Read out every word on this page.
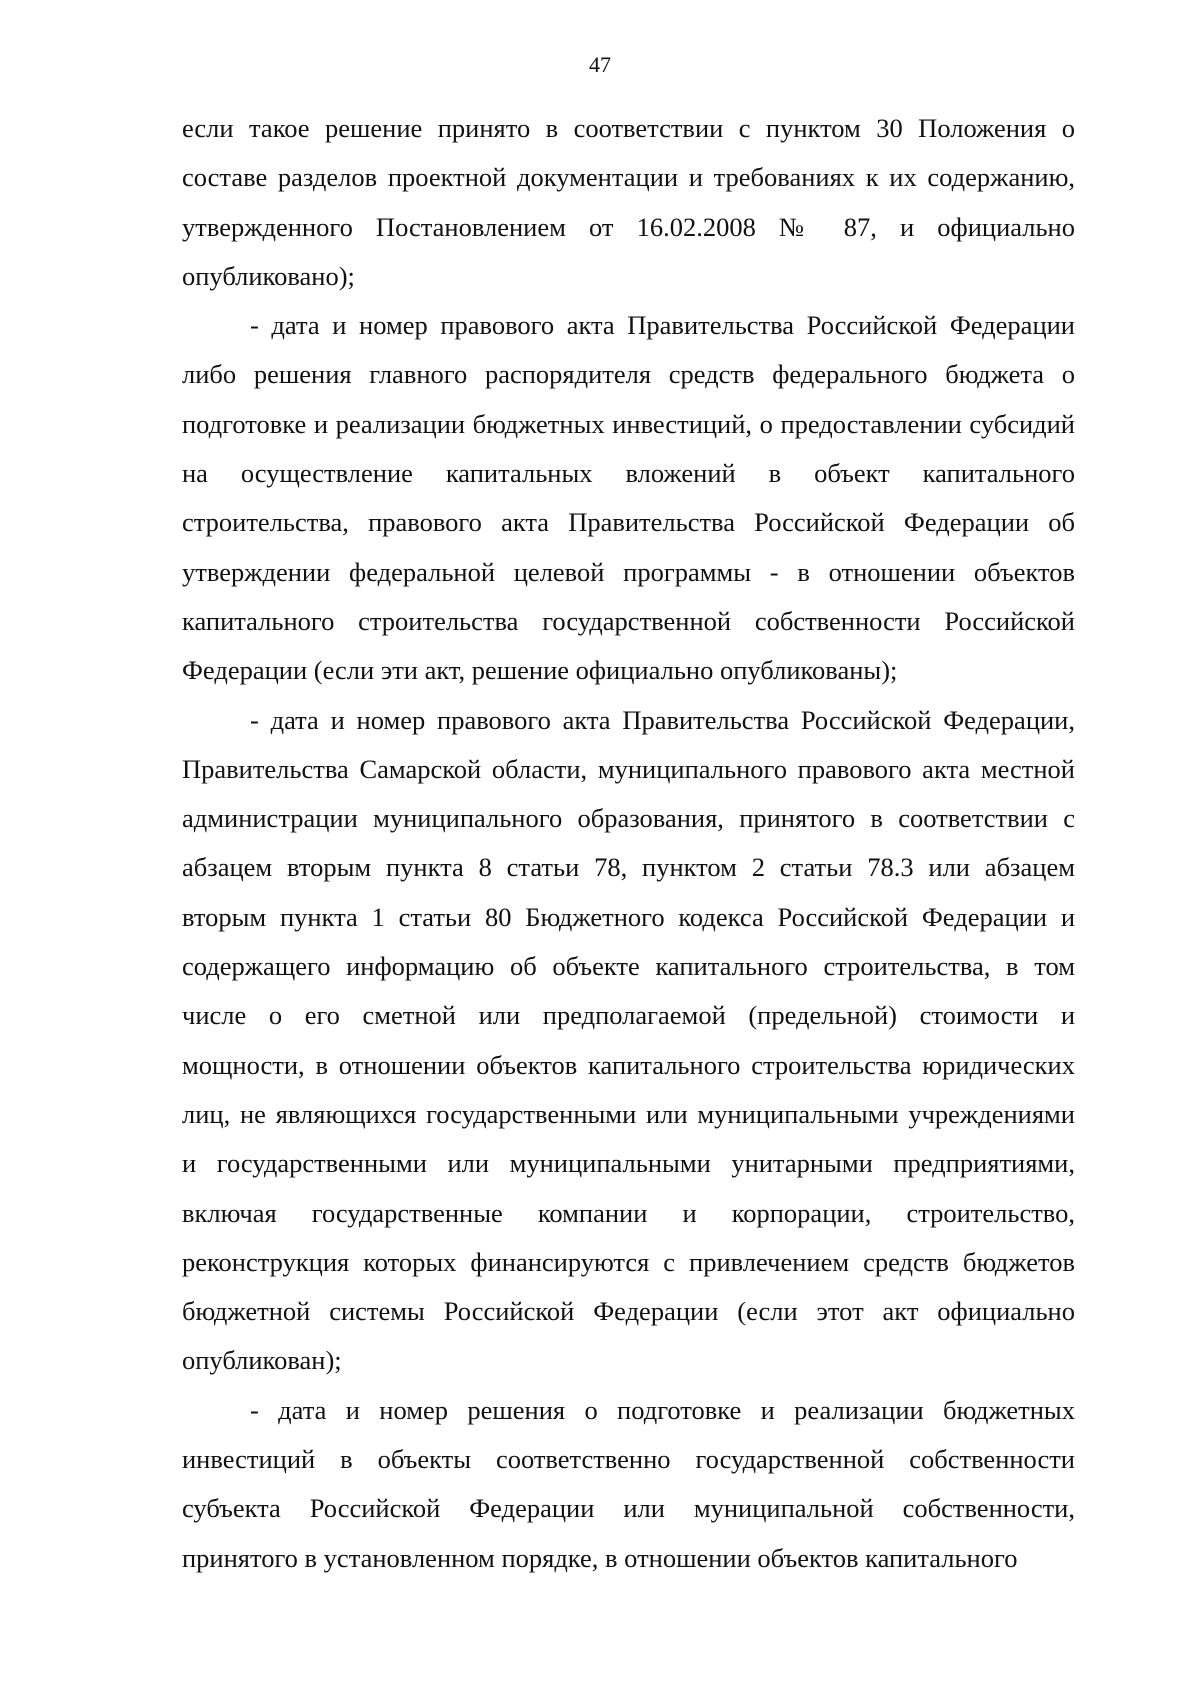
47

если такое решение принято в соответствии с пунктом 30 Положения о составе разделов проектной документации и требованиях к их содержанию, утвержденного Постановлением от 16.02.2008 № 87, и официально опубликовано);

- дата и номер правового акта Правительства Российской Федерации либо решения главного распорядителя средств федерального бюджета о подготовке и реализации бюджетных инвестиций, о предоставлении субсидий на осуществление капитальных вложений в объект капитального строительства, правового акта Правительства Российской Федерации об утверждении федеральной целевой программы - в отношении объектов капитального строительства государственной собственности Российской Федерации (если эти акт, решение официально опубликованы);

- дата и номер правового акта Правительства Российской Федерации, Правительства Самарской области, муниципального правового акта местной администрации муниципального образования, принятого в соответствии с абзацем вторым пункта 8 статьи 78, пунктом 2 статьи 78.3 или абзацем вторым пункта 1 статьи 80 Бюджетного кодекса Российской Федерации и содержащего информацию об объекте капитального строительства, в том числе о его сметной или предполагаемой (предельной) стоимости и мощности, в отношении объектов капитального строительства юридических лиц, не являющихся государственными или муниципальными учреждениями и государственными или муниципальными унитарными предприятиями, включая государственные компании и корпорации, строительство, реконструкция которых финансируются с привлечением средств бюджетов бюджетной системы Российской Федерации (если этот акт официально опубликован);

- дата и номер решения о подготовке и реализации бюджетных инвестиций в объекты соответственно государственной собственности субъекта Российской Федерации или муниципальной собственности, принятого в установленном порядке, в отношении объектов капитального
